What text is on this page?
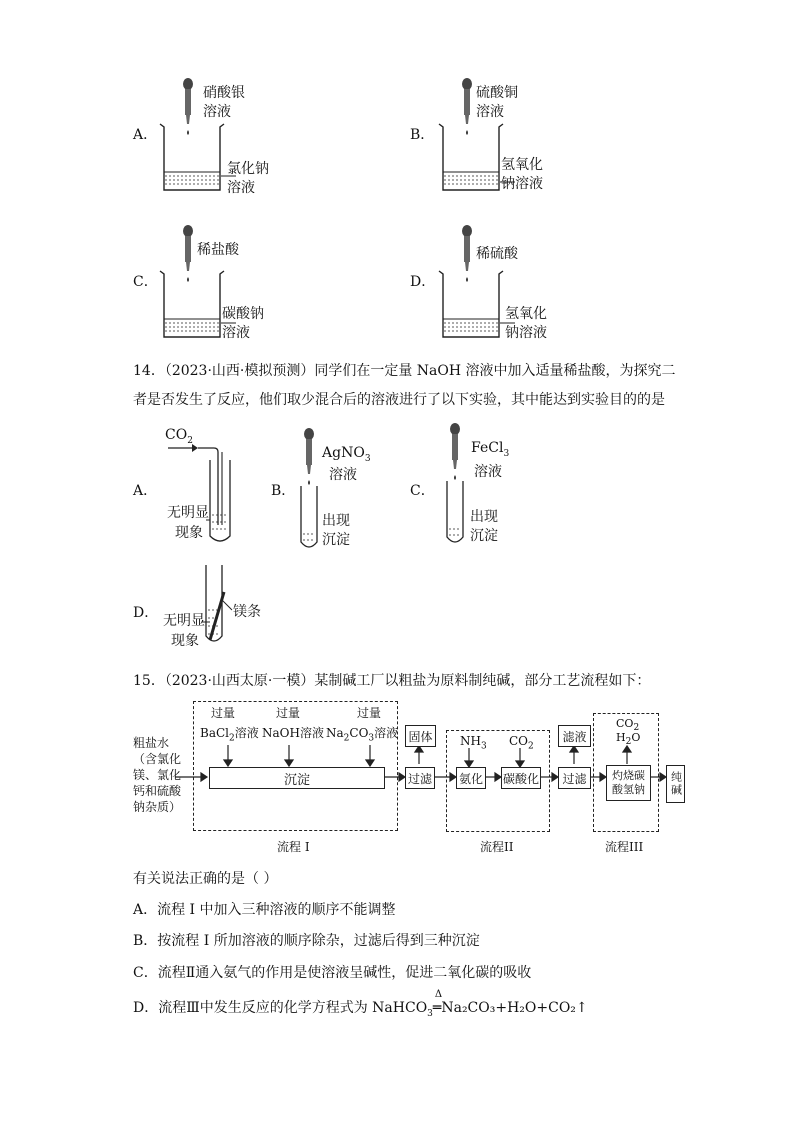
A．
硝酸银
溶液
氯化钠
溶液
B．
硫酸铜
溶液
氢氧化
钠溶液
C．
稀盐酸
碳酸钠
溶液
D．
稀硫酸
氢氧化
钠溶液
14．（2023·山西·模拟预测）同学们在一定量 NaOH 溶液中加入适量稀盐酸，为探究二
者是否发生了反应，他们取少混合后的溶液进行了以下实验，其中能达到实验目的的是
A．
$CO_2$
无明显
现象
B．
AgNO$_3$
溶液
出现
沉淀
C．
FeCl$_3$
溶液
出现
沉淀
D． 无明显
现象
镁条
15．（2023·山西太原·一模）某制碱工厂以粗盐为原料制纯碱，部分工艺流程如下：
粗盐水
（含氯化
镁、氯化
钙和硫酸
钠杂质）
过量	过量	过量
BaCl$_2$溶液 NaOH溶液 $Na_2CO_3$溶液
沉淀	过滤
固体 $NH_3$ $CO_2$
氨化 碳酸化	过滤
滤液
$CO_2$
$H_2O$
灼烧碳
酸氢钠 纯碱
流程 I	流程II	流程III
有关说法正确的是（ ）
A．流程 I 中加入三种溶液的顺序不能调整
B．按流程 I 所加溶液的顺序除杂，过滤后得到三种沉淀
C．流程Ⅱ通入氨气的作用是使溶液呈碱性，促进二氧化碳的吸收
D．流程Ⅲ中发生反应的化学方程式为 NaHCO$_3$
Δ
═Na₂CO₃+H₂O+CO₂↑
